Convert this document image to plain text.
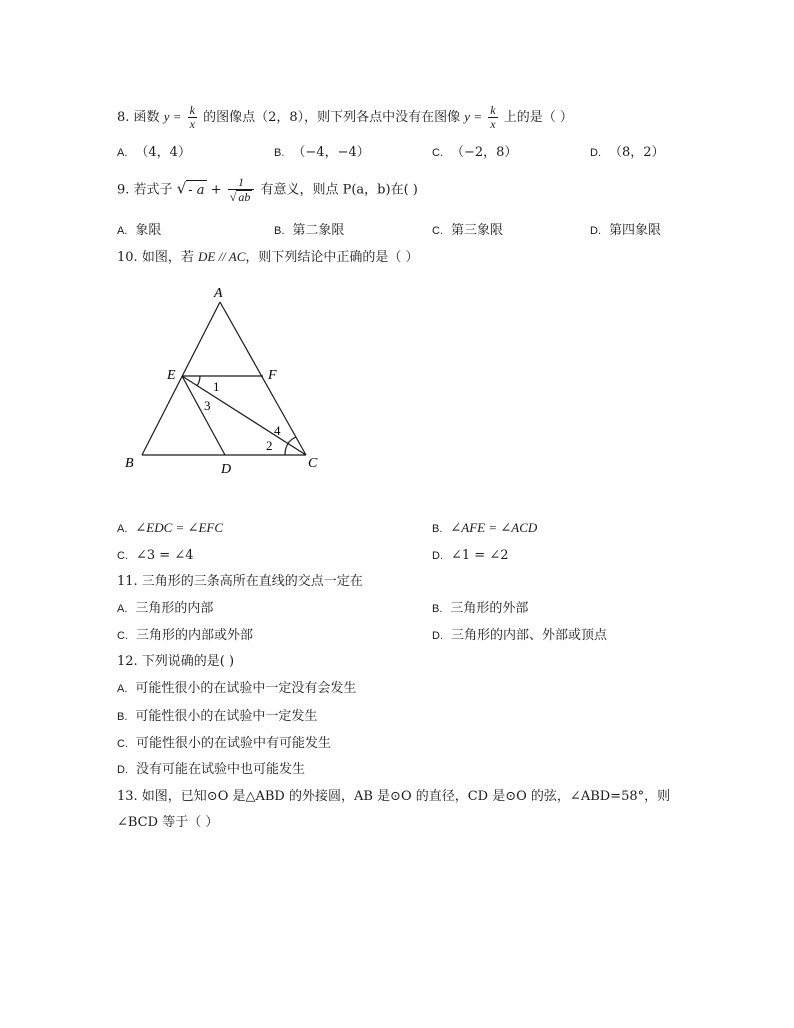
8. 函数 $y = \frac{k}{x}$ 的图像点（2，8），则下列各点中没有在图像 $y = \frac{k}{x}$ 上的是（ ）
A. （4，4）	B. （−4，−4）	C. （−2，8）	D. （8，2）
9. 若式子 √ - $a + \frac{1}{√ ab}$ 有意义，则点 P(a，b)在( )
A. 象限	B. 第二象限	C. 第三象限	D. 第四象限
10. 如图，若 DE // AC，则下列结论中正确的是（ ）
A
E	F
B	D	C
1
3
4
2
A. ∠EDC = ∠EFC	B. ∠AFE = ∠ACD
C. ∠3 = ∠4	D. ∠1 = ∠2
11. 三角形的三条高所在直线的交点一定在
A. 三角形的内部	B. 三角形的外部
C. 三角形的内部或外部	D. 三角形的内部、外部或顶点
12. 下列说确的是( )
A. 可能性很小的在试验中一定没有会发生
B. 可能性很小的在试验中一定发生
C. 可能性很小的在试验中有可能发生
D. 没有可能在试验中也可能发生
13. 如图，已知⊙O 是△ABD 的外接圆，AB 是⊙O 的直径，CD 是⊙O 的弦，∠ABD=58°，则
∠BCD 等于（ ）
